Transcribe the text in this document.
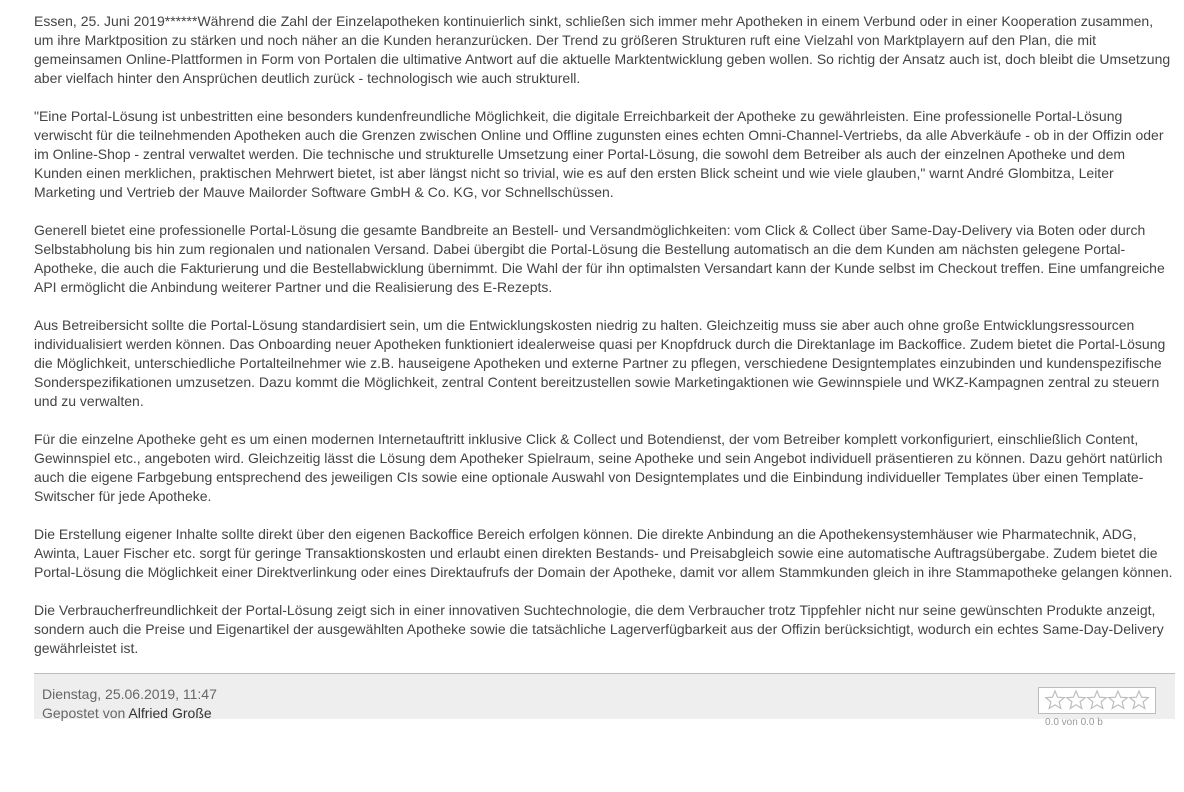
Essen, 25. Juni 2019******Während die Zahl der Einzelapotheken kontinuierlich sinkt, schließen sich immer mehr Apotheken in einem Verbund oder in einer Kooperation zusammen, um ihre Marktposition zu stärken und noch näher an die Kunden heranzurücken. Der Trend zu größeren Strukturen ruft eine Vielzahl von Marktplayern auf den Plan, die mit gemeinsamen Online-Plattformen in Form von Portalen die ultimative Antwort auf die aktuelle Marktentwicklung geben wollen. So richtig der Ansatz auch ist, doch bleibt die Umsetzung aber vielfach hinter den Ansprüchen deutlich zurück - technologisch wie auch strukturell.

"Eine Portal-Lösung ist unbestritten eine besonders kundenfreundliche Möglichkeit, die digitale Erreichbarkeit der Apotheke zu gewährleisten. Eine professionelle Portal-Lösung verwischt für die teilnehmenden Apotheken auch die Grenzen zwischen Online und Offline zugunsten eines echten Omni-Channel-Vertriebs, da alle Abverkäufe - ob in der Offizin oder im Online-Shop - zentral verwaltet werden. Die technische und strukturelle Umsetzung einer Portal-Lösung, die sowohl dem Betreiber als auch der einzelnen Apotheke und dem Kunden einen merklichen, praktischen Mehrwert bietet, ist aber längst nicht so trivial, wie es auf den ersten Blick scheint und wie viele glauben," warnt André Glombitza, Leiter Marketing und Vertrieb der Mauve Mailorder Software GmbH & Co. KG, vor Schnellschüssen.

Generell bietet eine professionelle Portal-Lösung die gesamte Bandbreite an Bestell- und Versandmöglichkeiten: vom Click & Collect über Same-Day-Delivery via Boten oder durch Selbstabholung bis hin zum regionalen und nationalen Versand. Dabei übergibt die Portal-Lösung die Bestellung automatisch an die dem Kunden am nächsten gelegene Portal-Apotheke, die auch die Fakturierung und die Bestellabwicklung übernimmt. Die Wahl der für ihn optimalsten Versandart kann der Kunde selbst im Checkout treffen. Eine umfangreiche API ermöglicht die Anbindung weiterer Partner und die Realisierung des E-Rezepts.

Aus Betreibersicht sollte die Portal-Lösung standardisiert sein, um die Entwicklungskosten niedrig zu halten. Gleichzeitig muss sie aber auch ohne große Entwicklungsressourcen individualisiert werden können. Das Onboarding neuer Apotheken funktioniert idealerweise quasi per Knopfdruck durch die Direktanlage im Backoffice. Zudem bietet die Portal-Lösung die Möglichkeit, unterschiedliche Portalteilnehmer wie z.B. hauseigene Apotheken und externe Partner zu pflegen, verschiedene Designtemplates einzubinden und kundenspezifische Sonderspezifikationen umzusetzen. Dazu kommt die Möglichkeit, zentral Content bereitzustellen sowie Marketingaktionen wie Gewinnspiele und WKZ-Kampagnen zentral zu steuern und zu verwalten.

Für die einzelne Apotheke geht es um einen modernen Internetauftritt inklusive Click & Collect und Botendienst, der vom Betreiber komplett vorkonfiguriert, einschließlich Content, Gewinnspiel etc., angeboten wird. Gleichzeitig lässt die Lösung dem Apotheker Spielraum, seine Apotheke und sein Angebot individuell präsentieren zu können. Dazu gehört natürlich auch die eigene Farbgebung entsprechend des jeweiligen CIs sowie eine optionale Auswahl von Designtemplates und die Einbindung individueller Templates über einen Template-Switscher für jede Apotheke.

Die Erstellung eigener Inhalte sollte direkt über den eigenen Backoffice Bereich erfolgen können. Die direkte Anbindung an die Apothekensystemhäuser wie Pharmatechnik, ADG, Awinta, Lauer Fischer etc. sorgt für geringe Transaktionskosten und erlaubt einen direkten Bestands- und Preisabgleich sowie eine automatische Auftragsübergabe. Zudem bietet die Portal-Lösung die Möglichkeit einer Direktverlinkung oder eines Direktaufrufs der Domain der Apotheke, damit vor allem Stammkunden gleich in ihre Stammapotheke gelangen können.

Die Verbraucherfreundlichkeit der Portal-Lösung zeigt sich in einer innovativen Suchtechnologie, die dem Verbraucher trotz Tippfehler nicht nur seine gewünschten Produkte anzeigt, sondern auch die Preise und Eigenartikel der ausgewählten Apotheke sowie die tatsächliche Lagerverfügbarkeit aus der Offizin berücksichtigt, wodurch ein echtes Same-Day-Delivery gewährleistet ist.

Dienstag, 25.06.2019, 11:47
Gepostet von Alfried Große
0.0 von 0.0 b
